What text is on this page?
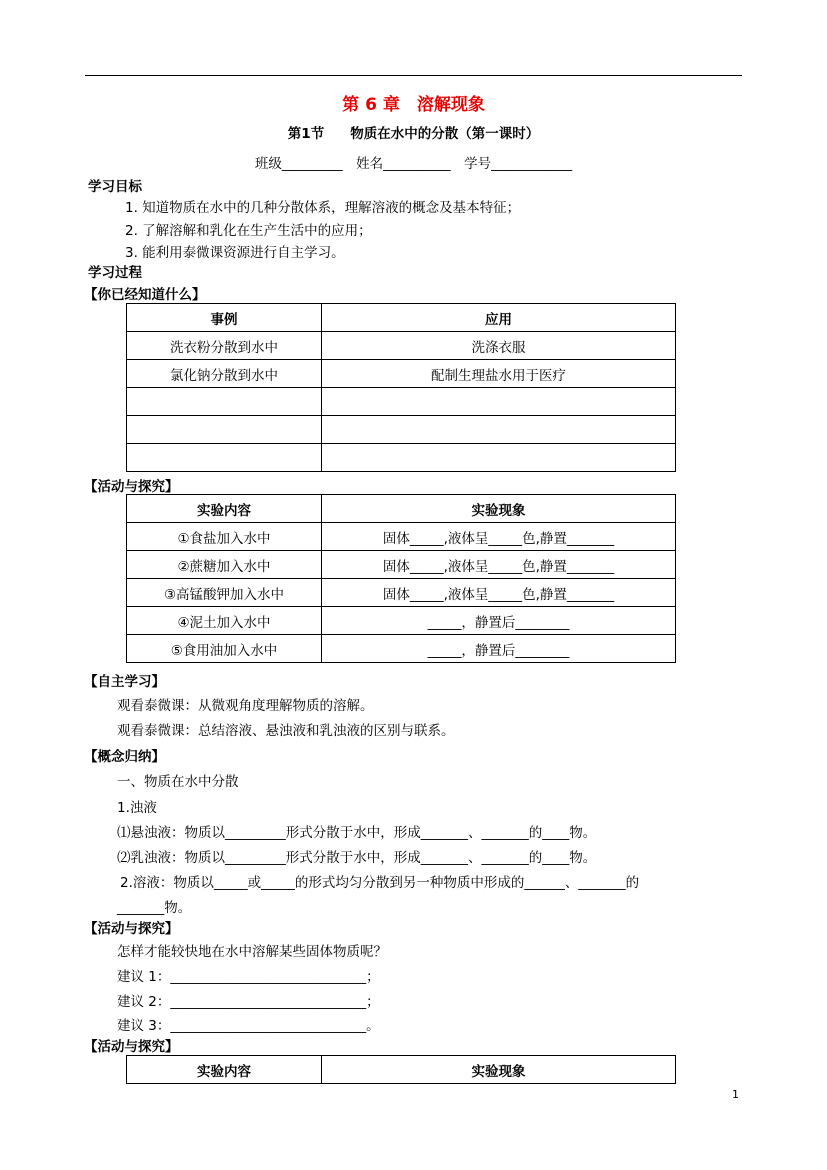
第 6 章　溶解现象
第1节 物质在水中的分散（第一课时）
班级_________　姓名__________　学号____________
学习目标
1. 知道物质在水中的几种分散体系，理解溶液的概念及基本特征；
2. 了解溶解和乳化在生产生活中的应用；
3. 能利用泰微课资源进行自主学习。
学习过程
【你已经知道什么】
事例	应用
洗衣粉分散到水中	洗涤衣服
氯化钠分散到水中	配制生理盐水用于医疗

【活动与探究】
实验内容	实验现象
①食盐加入水中	固体_____,液体呈_____色,静置_______
②蔗糖加入水中	固体_____,液体呈_____色,静置_______
③高锰酸钾加入水中	固体_____,液体呈_____色,静置_______
④泥土加入水中	_____，静置后________
⑤食用油加入水中	_____，静置后________
【自主学习】
观看泰微课：从微观角度理解物质的溶解。
观看泰微课：总结溶液、悬浊液和乳浊液的区别与联系。
【概念归纳】
一、物质在水中分散
1.浊液
⑴悬浊液：物质以_________形式分散于水中，形成_______、_______的____物。
⑵乳浊液：物质以_________形式分散于水中，形成_______、_______的____物。
2.溶液：物质以_____或_____的形式均匀分散到另一种物质中形成的______、_______的
_______物。
【活动与探究】
怎样才能较快地在水中溶解某些固体物质呢？
建议 1：_____________________________；
建议 2：_____________________________；
建议 3：_____________________________。
【活动与探究】
实验内容	实验现象
1
